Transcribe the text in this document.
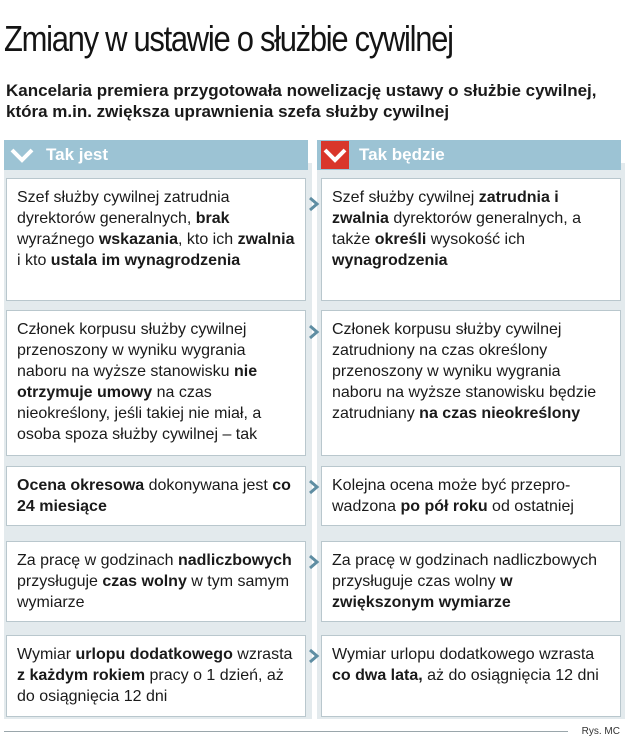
Zmiany w ustawie o służbie cywilnej
Kancelaria premiera przygotowała nowelizację ustawy o służbie cywilnej, która m.in. zwiększa uprawnienia szefa służby cywilnej
Tak jest	Tak będzie
Szef służby cywilnej zatrudnia dyrektorów generalnych, brak wyraźnego wskazania, kto ich zwalnia i kto ustala im wynagrodzenia
Szef służby cywilnej zatrudnia i zwalnia dyrektorów generalnych, a także określi wysokość ich wynagrodzenia
Członek korpusu służby cywilnej przenoszony w wyniku wygrania naboru na wyższe stanowisku nie otrzymuje umowy na czas nieokreślony, jeśli takiej nie miał, a osoba spoza służby cywilnej – tak
Członek korpusu służby cywilnej zatrudniony na czas określony przenoszony w wyniku wygrania naboru na wyższe stanowisku będzie zatrudniany na czas nieokreślony
Ocena okresowa dokonywana jest co 24 miesiące
Kolejna ocena może być przepro-wadzona po pół roku od ostatniej
Za pracę w godzinach nadliczbowych przysługuje czas wolny w tym samym wymiarze
Za pracę w godzinach nadliczbowych przysługuje czas wolny w zwiększonym wymiarze
Wymiar urlopu dodatkowego wzrasta z każdym rokiem pracy o 1 dzień, aż do osiągnięcia 12 dni
Wymiar urlopu dodatkowego wzrasta co dwa lata, aż do osiągnięcia 12 dni
Rys. MC
